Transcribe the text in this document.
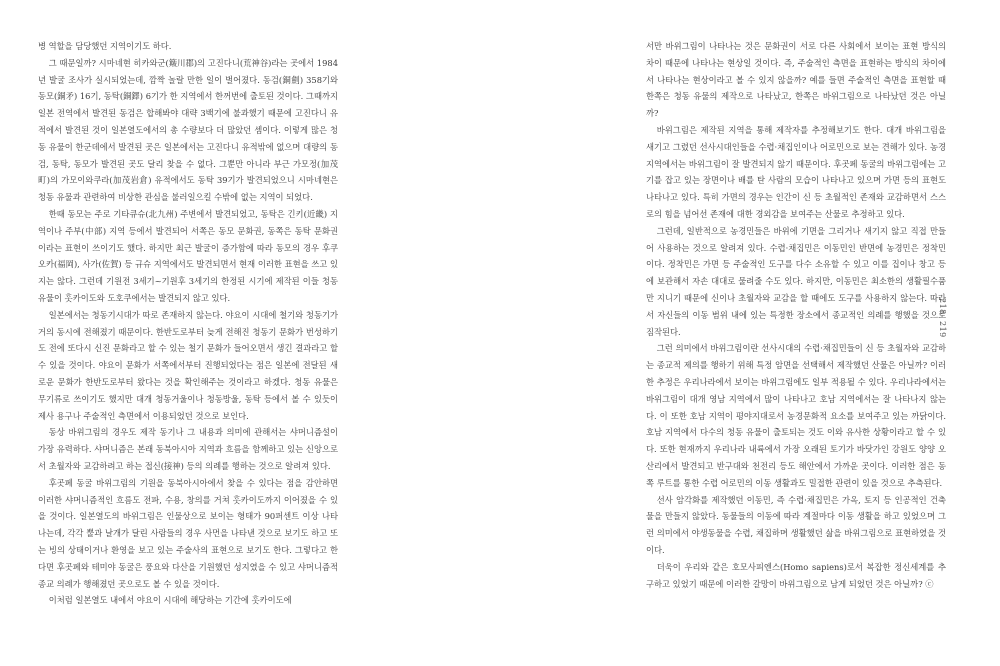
병 역할을 담당했던 지역이기도 하다.

그 때문일까? 시마네현 히카와군(簸川郡)의 고진다니(荒神谷)라는 곳에서 1984년 발굴 조사가 실시되었는데, 깜짝 놀랄 만한 일이 벌어졌다. 동검(銅劍) 358기와 동모(銅矛) 16기, 동탁(銅鐸) 6기가 한 지역에서 한꺼번에 출토된 것이다. 그때까지 일본 전역에서 발견된 동검은 합해봐야 대략 3백기에 불과했기 때문에 고진다니 유적에서 발견된 것이 일본열도에서의 총 수량보다 더 많았던 셈이다. 이렇게 많은 청동 유물이 한군데에서 발견된 곳은 일본에서는 고진다니 유적밖에 없으며 대량의 동검, 동탁, 동모가 발견된 곳도 달리 찾을 수 없다. 그뿐만 아니라 부근 가모정(加茂町)의 가모이와쿠라(加茂岩倉) 유적에서도 동탁 39기가 발견되었으니 시마네현은 청동 유물과 관련하여 비상한 관심을 불러일으킬 수밖에 없는 지역이 되었다.

한때 동모는 주로 기타큐슈(北九州) 주변에서 발견되었고, 동탁은 긴키(近畿) 지역이나 주부(中部) 지역 등에서 발견되어 서쪽은 동모 문화권, 동쪽은 동탁 문화권이라는 표현이 쓰이기도 했다. 하지만 최근 발굴이 증가함에 따라 동모의 경우 후쿠오카(福岡), 사가(佐賀) 등 규슈 지역에서도 발견되면서 현재 이러한 표현을 쓰고 있지는 않다. 그런데 기원전 3세기~기원후 3세기의 한정된 시기에 제작된 이들 청동 유물이 홋카이도와 도호쿠에서는 발견되지 않고 있다.

일본에서는 청동기시대가 따로 존재하지 않는다. 야요이 시대에 철기와 청동기가 거의 동시에 전해졌기 때문이다. 한반도로부터 늦게 전해진 청동기 문화가 번성하기도 전에 또다시 신진 문화라고 할 수 있는 철기 문화가 들어오면서 생긴 결과라고 할 수 있을 것이다. 야요이 문화가 서쪽에서부터 진행되었다는 점은 일본에 전달된 새로운 문화가 한반도로부터 왔다는 것을 확인해주는 것이라고 하겠다. 청동 유물은 무기류로 쓰이기도 했지만 대개 청동거울이나 청동방울, 동탁 등에서 볼 수 있듯이 제사 용구나 주술적인 측면에서 이용되었던 것으로 보인다.

동상 바위그림의 경우도 제작 동기나 그 내용과 의미에 관해서는 샤머니즘설이 가장 유력하다. 샤머니즘은 본래 동북아시아 지역과 흐름을 함께하고 있는 신앙으로서 초월자와 교감하려고 하는 접신(接神) 등의 의례를 행하는 것으로 알려져 있다.

후곳페 동굴 바위그림의 기원을 동북아시아에서 찾을 수 있다는 점을 감안하면 이러한 샤머니즘적인 흐름도 전파, 수용, 창의를 거쳐 홋카이도까지 이어졌을 수 있을 것이다. 일본열도의 바위그림은 인물상으로 보이는 형태가 90퍼센트 이상 나타나는데, 각각 뿔과 날개가 달린 사람들의 경우 사먼을 나타낸 것으로 보기도 하고 또는 빙의 상태이거나 환영을 보고 있는 주술사의 표현으로 보기도 한다. 그렇다고 한다면 후곳페와 테미야 동굴은 풍요와 다산을 기원했던 성지였을 수 있고 샤머니즘적 종교 의례가 행해졌던 곳으로도 볼 수 있을 것이다.

이처럼 일본열도 내에서 야요이 시대에 해당하는 기간에 홋카이도에

서만 바위그림이 나타나는 것은 문화권이 서로 다른 사회에서 보이는 표현 방식의 차이 때문에 나타나는 현상일 것이다. 즉, 주술적인 측면을 표현하는 방식의 차이에서 나타나는 현상이라고 볼 수 있지 않을까? 예를 들면 주술적인 측면을 표현할 때 한쪽은 청동 유물의 제작으로 나타났고, 한쪽은 바위그림으로 나타났던 것은 아닐까?

바위그림은 제작된 지역을 통해 제작자를 추정해보기도 한다. 대개 바위그림을 새기고 그렸던 선사시대인들을 수렵·채집인이나 어로민으로 보는 견해가 있다. 농경 지역에서는 바위그림이 잘 발견되지 않기 때문이다. 후곳페 동굴의 바위그림에는 고기를 잡고 있는 장면이나 배를 탄 사람의 모습이 나타나고 있으며 가면 등의 표현도 나타나고 있다. 특히 가면의 경우는 인간이 신 등 초월적인 존재와 교감하면서 스스로의 힘을 넘어선 존재에 대한 경외감을 보여주는 산물로 추정하고 있다.

그런데, 일반적으로 농경민들은 바위에 기면을 그리거나 새기지 않고 직접 만들어 사용하는 것으로 알려져 있다. 수렵·채집민은 이동민인 반면에 농경민은 정착민이다. 정착민은 가면 등 주술적인 도구를 다수 소유할 수 있고 이를 집이나 창고 등에 보관해서 자손 대대로 물려줄 수도 있다. 하지만, 이동민은 최소한의 생활필수품만 지니기 때문에 신이나 초월자와 교감을 할 때에도 도구를 사용하지 않는다. 따라서 자신들의 이동 범위 내에 있는 특정한 장소에서 종교적인 의례를 행했을 것으로 짐작된다.

그런 의미에서 바위그림이란 선사시대의 수렵·채집민들이 신 등 초월자와 교감하는 종교적 제의를 행하기 위해 특정 암면을 선택해서 제작했던 산물은 아닐까? 이러한 추정은 우리나라에서 보이는 바위그림에도 일부 적용될 수 있다. 우리나라에서는 바위그림이 대개 영남 지역에서 많이 나타나고 호남 지역에서는 잘 나타나지 않는다. 이 또한 호남 지역이 평야지대로서 농경문화적 요소를 보여주고 있는 까닭이다. 호남 지역에서 다수의 청동 유물이 출토되는 것도 이와 유사한 상황이라고 할 수 있다. 또한 현재까지 우리나라 내륙에서 가장 오래된 토기가 바닷가인 강원도 양양 오산리에서 발견되고 반구대와 천전리 등도 해안에서 가까운 곳이다. 이러한 점은 동쪽 루트를 통한 수렵 어로민의 이동 생활과도 밀접한 관련이 있을 것으로 추측된다.

선사 암각화를 제작했던 이동민, 즉 수렵·채집민은 가옥, 토지 등 인공적인 건축물을 만들지 않았다. 동물들의 이동에 따라 계절마다 이동 생활을 하고 있었으며 그런 의미에서 야생동물을 수렵, 채집하며 생활했던 삶을 바위그림으로 표현하였을 것이다.

더욱이 우리와 같은 호모사피엔스(Homo sapiens)로서 복잡한 정신세계를 추구하고 있었기 때문에 이러한 갈망이 바위그림으로 남게 되었던 것은 아닐까? ⓒ

218
219
